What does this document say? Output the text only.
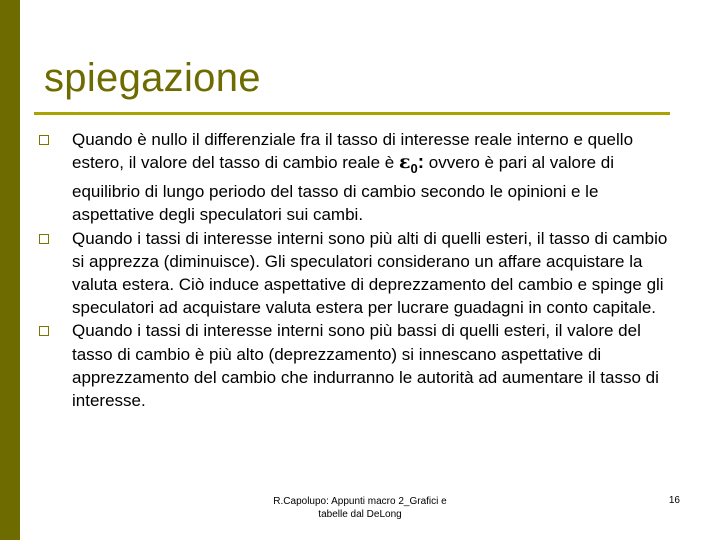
spiegazione
Quando è nullo il differenziale fra il tasso di interesse reale interno e quello estero, il valore del tasso di cambio reale è $\varepsilon_0$: ovvero è pari al valore di equilibrio di lungo periodo del tasso di cambio secondo le opinioni e le aspettative degli speculatori sui cambi.
Quando i tassi di interesse interni sono più alti di quelli esteri, il tasso di cambio si apprezza (diminuisce). Gli speculatori considerano un affare acquistare la valuta estera. Ciò induce aspettative di deprezzamento del cambio e spinge gli speculatori ad acquistare valuta estera per lucrare guadagni in conto capitale.
Quando i tassi di interesse interni sono più bassi di quelli esteri, il valore del tasso di cambio è più alto (deprezzamento) si innescano aspettative di apprezzamento del cambio che indurranno le autorità ad aumentare il tasso di interesse.
R.Capolupo: Appunti macro 2_Grafici e
tabelle dal DeLong
16
